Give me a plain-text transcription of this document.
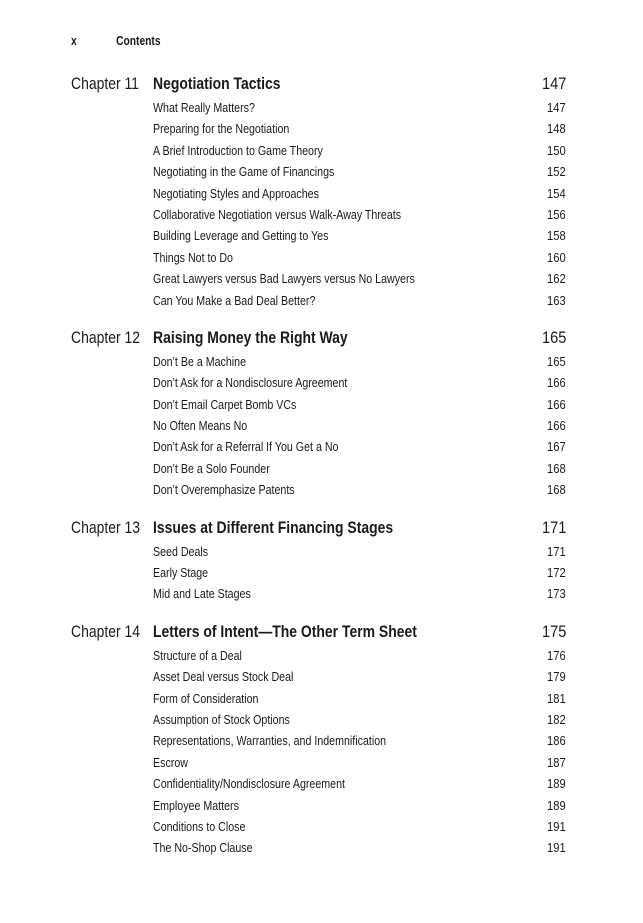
x	Contents
Chapter 11 Negotiation Tactics	147
What Really Matters?	147
Preparing for the Negotiation	148
A Brief Introduction to Game Theory	150
Negotiating in the Game of Financings	152
Negotiating Styles and Approaches	154
Collaborative Negotiation versus Walk-Away Threats	156
Building Leverage and Getting to Yes	158
Things Not to Do	160
Great Lawyers versus Bad Lawyers versus No Lawyers	162
Can You Make a Bad Deal Better?	163
Chapter 12 Raising Money the Right Way	165
Don’t Be a Machine	165
Don’t Ask for a Nondisclosure Agreement	166
Don’t Email Carpet Bomb VCs	166
No Often Means No	166
Don’t Ask for a Referral If You Get a No	167
Don’t Be a Solo Founder	168
Don’t Overemphasize Patents	168
Chapter 13 Issues at Different Financing Stages	171
Seed Deals	171
Early Stage	172
Mid and Late Stages	173
Chapter 14 Letters of Intent—The Other Term Sheet	175
Structure of a Deal	176
Asset Deal versus Stock Deal	179
Form of Consideration	181
Assumption of Stock Options	182
Representations, Warranties, and Indemnification	186
Escrow	187
Confidentiality/Nondisclosure Agreement	189
Employee Matters	189
Conditions to Close	191
The No-Shop Clause	191
